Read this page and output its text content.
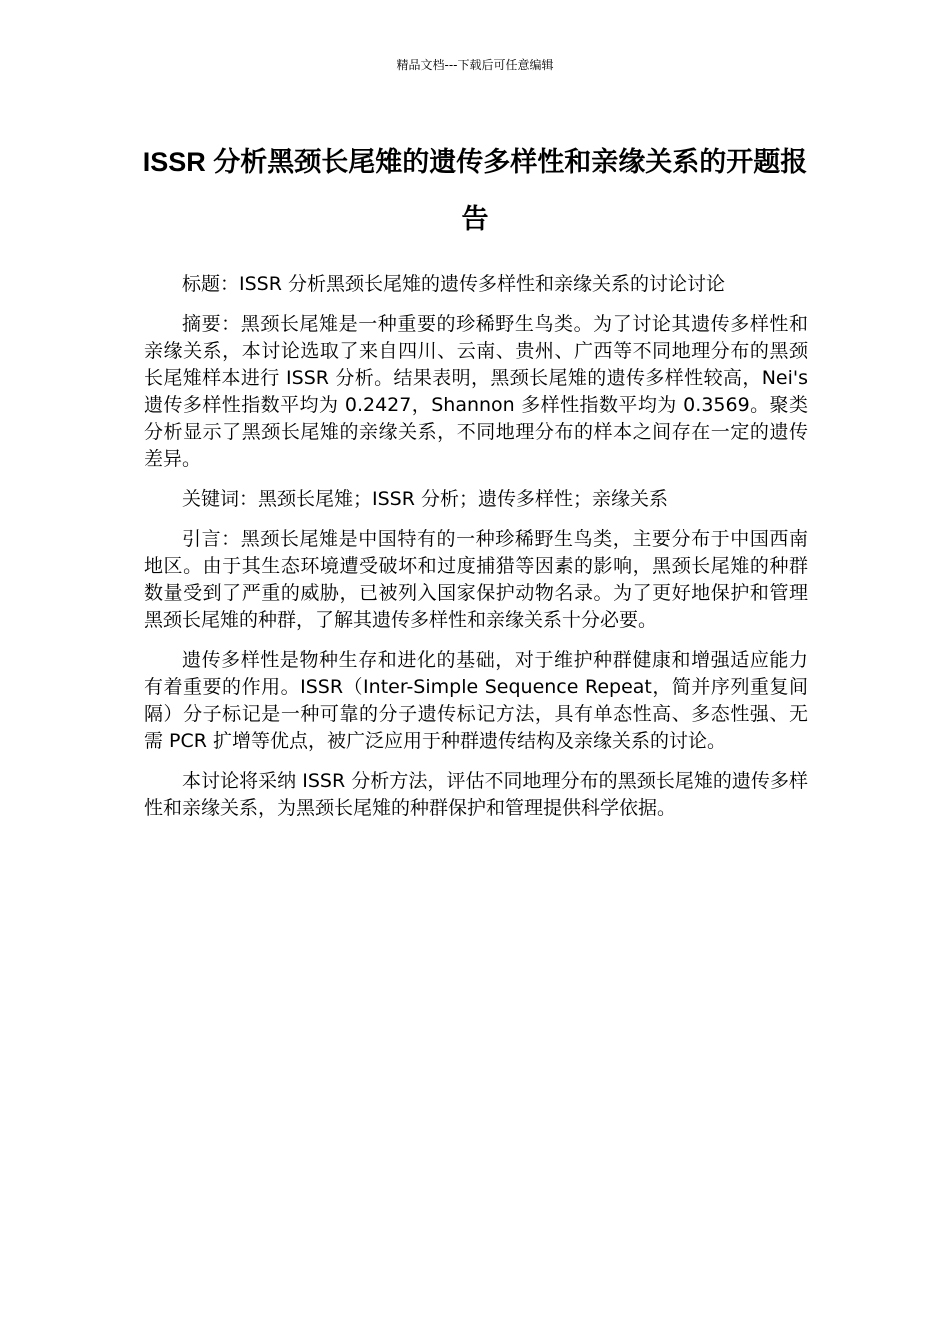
精品文档---下载后可任意编辑
ISSR 分析黑颈长尾雉的遗传多样性和亲缘关系的开题报告

标题：ISSR 分析黑颈长尾雉的遗传多样性和亲缘关系的讨论讨论

摘要：黑颈长尾雉是一种重要的珍稀野生鸟类。为了讨论其遗传多样性和亲缘关系，本讨论选取了来自四川、云南、贵州、广西等不同地理分布的黑颈长尾雉样本进行 ISSR 分析。结果表明，黑颈长尾雉的遗传多样性较高，Nei's 遗传多样性指数平均为 0.2427，Shannon 多样性指数平均为 0.3569。聚类分析显示了黑颈长尾雉的亲缘关系，不同地理分布的样本之间存在一定的遗传差异。

关键词：黑颈长尾雉；ISSR 分析；遗传多样性；亲缘关系

引言：黑颈长尾雉是中国特有的一种珍稀野生鸟类，主要分布于中国西南地区。由于其生态环境遭受破坏和过度捕猎等因素的影响，黑颈长尾雉的种群数量受到了严重的威胁，已被列入国家保护动物名录。为了更好地保护和管理黑颈长尾雉的种群，了解其遗传多样性和亲缘关系十分必要。

遗传多样性是物种生存和进化的基础，对于维护种群健康和增强适应能力有着重要的作用。ISSR（Inter-Simple Sequence Repeat，简并序列重复间隔）分子标记是一种可靠的分子遗传标记方法，具有单态性高、多态性强、无需 PCR 扩增等优点，被广泛应用于种群遗传结构及亲缘关系的讨论。

本讨论将采纳 ISSR 分析方法，评估不同地理分布的黑颈长尾雉的遗传多样性和亲缘关系，为黑颈长尾雉的种群保护和管理提供科学依据。
